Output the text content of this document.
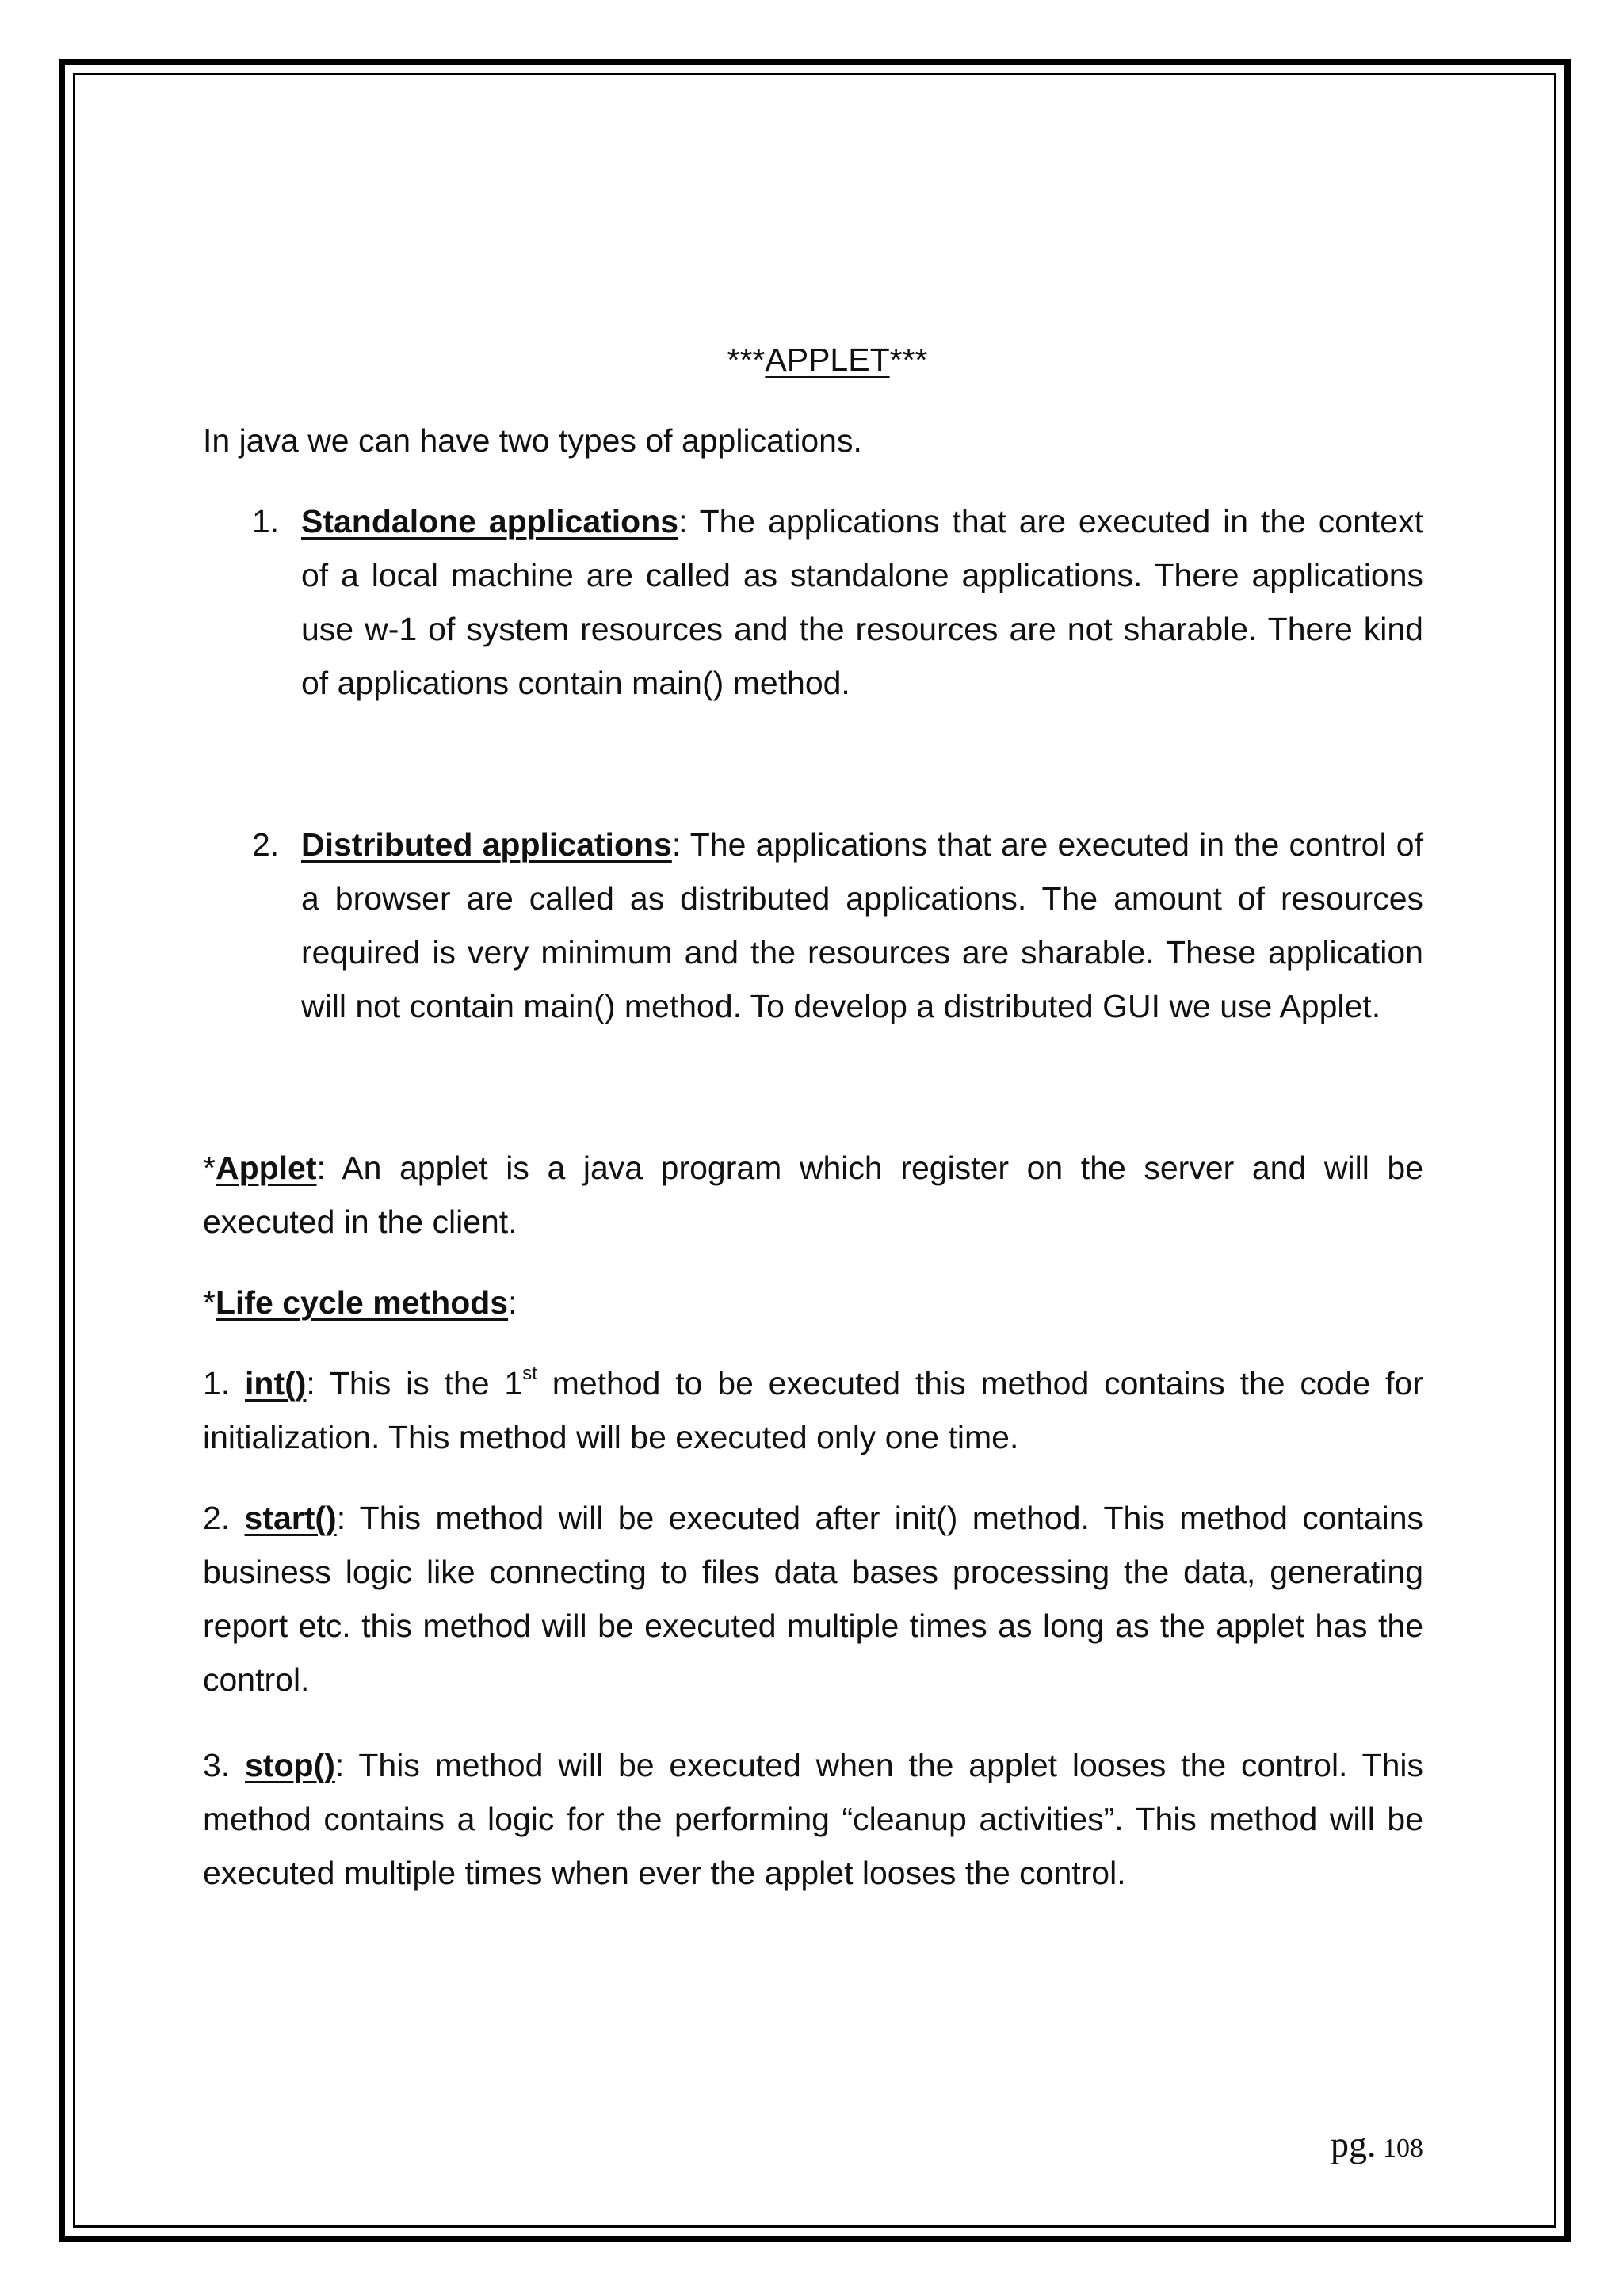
***APPLET***

In java we can have two types of applications.

1. Standalone applications: The applications that are executed in the context of a local machine are called as standalone applications. There applications use w-1 of system resources and the resources are not sharable. There kind of applications contain main() method.
2. Distributed applications: The applications that are executed in the control of a browser are called as distributed applications. The amount of resources required is very minimum and the resources are sharable. These application will not contain main() method. To develop a distributed GUI we use Applet.

*Applet: An applet is a java program which register on the server and will be executed in the client.

*Life cycle methods:

1. int(): This is the 1st method to be executed this method contains the code for initialization. This method will be executed only one time.

2. start(): This method will be executed after init() method. This method contains business logic like connecting to files data bases processing the data, generating report etc. this method will be executed multiple times as long as the applet has the control.

3. stop(): This method will be executed when the applet looses the control. This method contains a logic for the performing “cleanup activities”. This method will be executed multiple times when ever the applet looses the control.

pg. 108
